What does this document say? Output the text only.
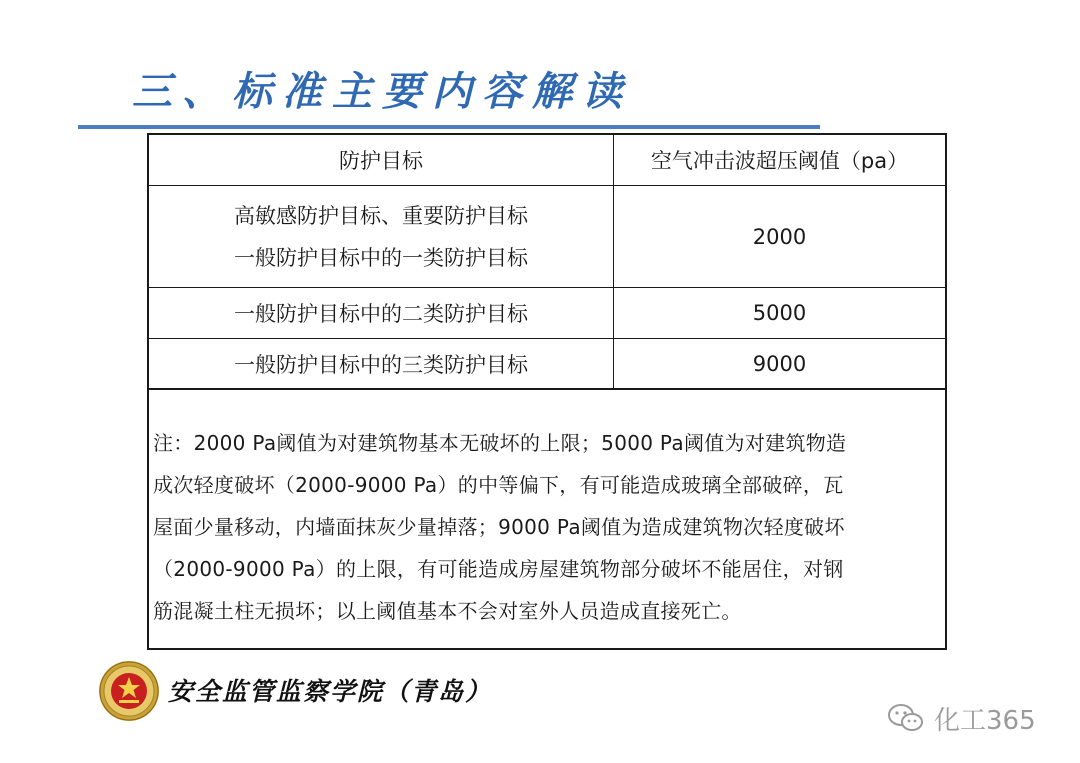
三、标准主要内容解读
防护目标	空气冲击波超压阈值（pa）

高敏感防护目标、重要防护目标
一般防护目标中的一类防护目标	2000
一般防护目标中的二类防护目标	5000
一般防护目标中的三类防护目标	9000
注：2000 Pa阈值为对建筑物基本无破坏的上限；5000 Pa阈值为对建筑物造
成次轻度破坏（2000-9000 Pa）的中等偏下，有可能造成玻璃全部破碎，瓦
屋面少量移动，内墙面抹灰少量掉落；9000 Pa阈值为造成建筑物次轻度破坏
（2000-9000 Pa）的上限，有可能造成房屋建筑物部分破坏不能居住，对钢
筋混凝土柱无损坏；以上阈值基本不会对室外人员造成直接死亡。
安全监管监察学院（青岛）
化工365
